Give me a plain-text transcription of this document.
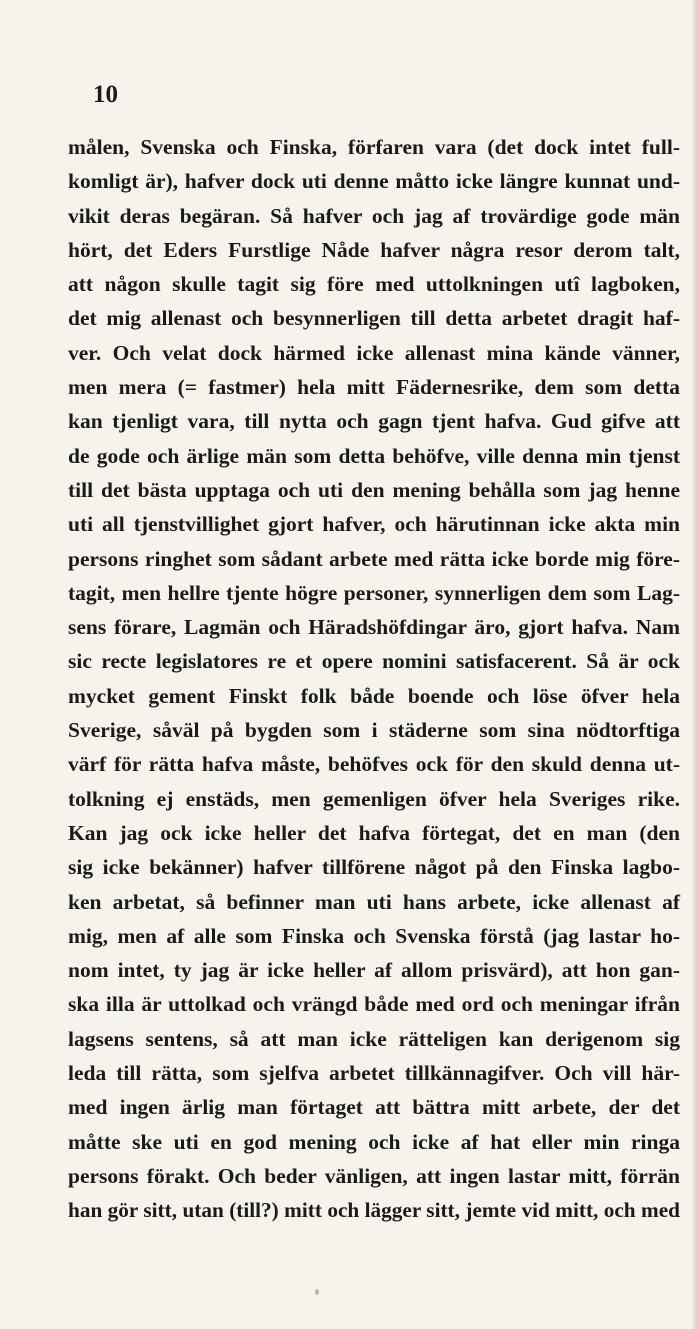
10
målen, Svenska och Finska, förfaren vara (det dock intet full-
komligt är), hafver dock uti denne måtto icke längre kunnat und-
vikit deras begäran. Så hafver och jag af trovärdige gode män
hört, det Eders Furstlige Nåde hafver några resor derom talt,
att någon skulle tagit sig före med uttolkningen utî lagboken,
det mig allenast och besynnerligen till detta arbetet dragit haf-
ver. Och velat dock härmed icke allenast mina kände vänner,
men mera (= fastmer) hela mitt Fädernesrike, dem som detta
kan tjenligt vara, till nytta och gagn tjent hafva. Gud gifve att
de gode och ärlige män som detta behöfve, ville denna min tjenst
till det bästa upptaga och uti den mening behålla som jag henne
uti all tjenstvillighet gjort hafver, och härutinnan icke akta min
persons ringhet som sådant arbete med rätta icke borde mig före-
tagit, men hellre tjente högre personer, synnerligen dem som Lag-
sens förare, Lagmän och Häradshöfdingar äro, gjort hafva. Nam
sic recte legislatores re et opere nomini satisfacerent. Så är ock
mycket gement Finskt folk både boende och löse öfver hela
Sverige, såväl på bygden som i städerne som sina nödtorftiga
värf för rätta hafva måste, behöfves ock för den skuld denna ut-
tolkning ej enstäds, men gemenligen öfver hela Sveriges rike.
Kan jag ock icke heller det hafva förtegat, det en man (den
sig icke bekänner) hafver tillförene något på den Finska lagbo-
ken arbetat, så befinner man uti hans arbete, icke allenast af
mig, men af alle som Finska och Svenska förstå (jag lastar ho-
nom intet, ty jag är icke heller af allom prisvärd), att hon gan-
ska illa är uttolkad och vrängd både med ord och meningar ifrån
lagsens sentens, så att man icke rätteligen kan derigenom sig
leda till rätta, som sjelfva arbetet tillkännagifver. Och vill här-
med ingen ärlig man förtaget att bättra mitt arbete, der det
måtte ske uti en god mening och icke af hat eller min ringa
persons förakt. Och beder vänligen, att ingen lastar mitt, förrän
han gör sitt, utan (till?) mitt och lägger sitt, jemte vid mitt, och med
